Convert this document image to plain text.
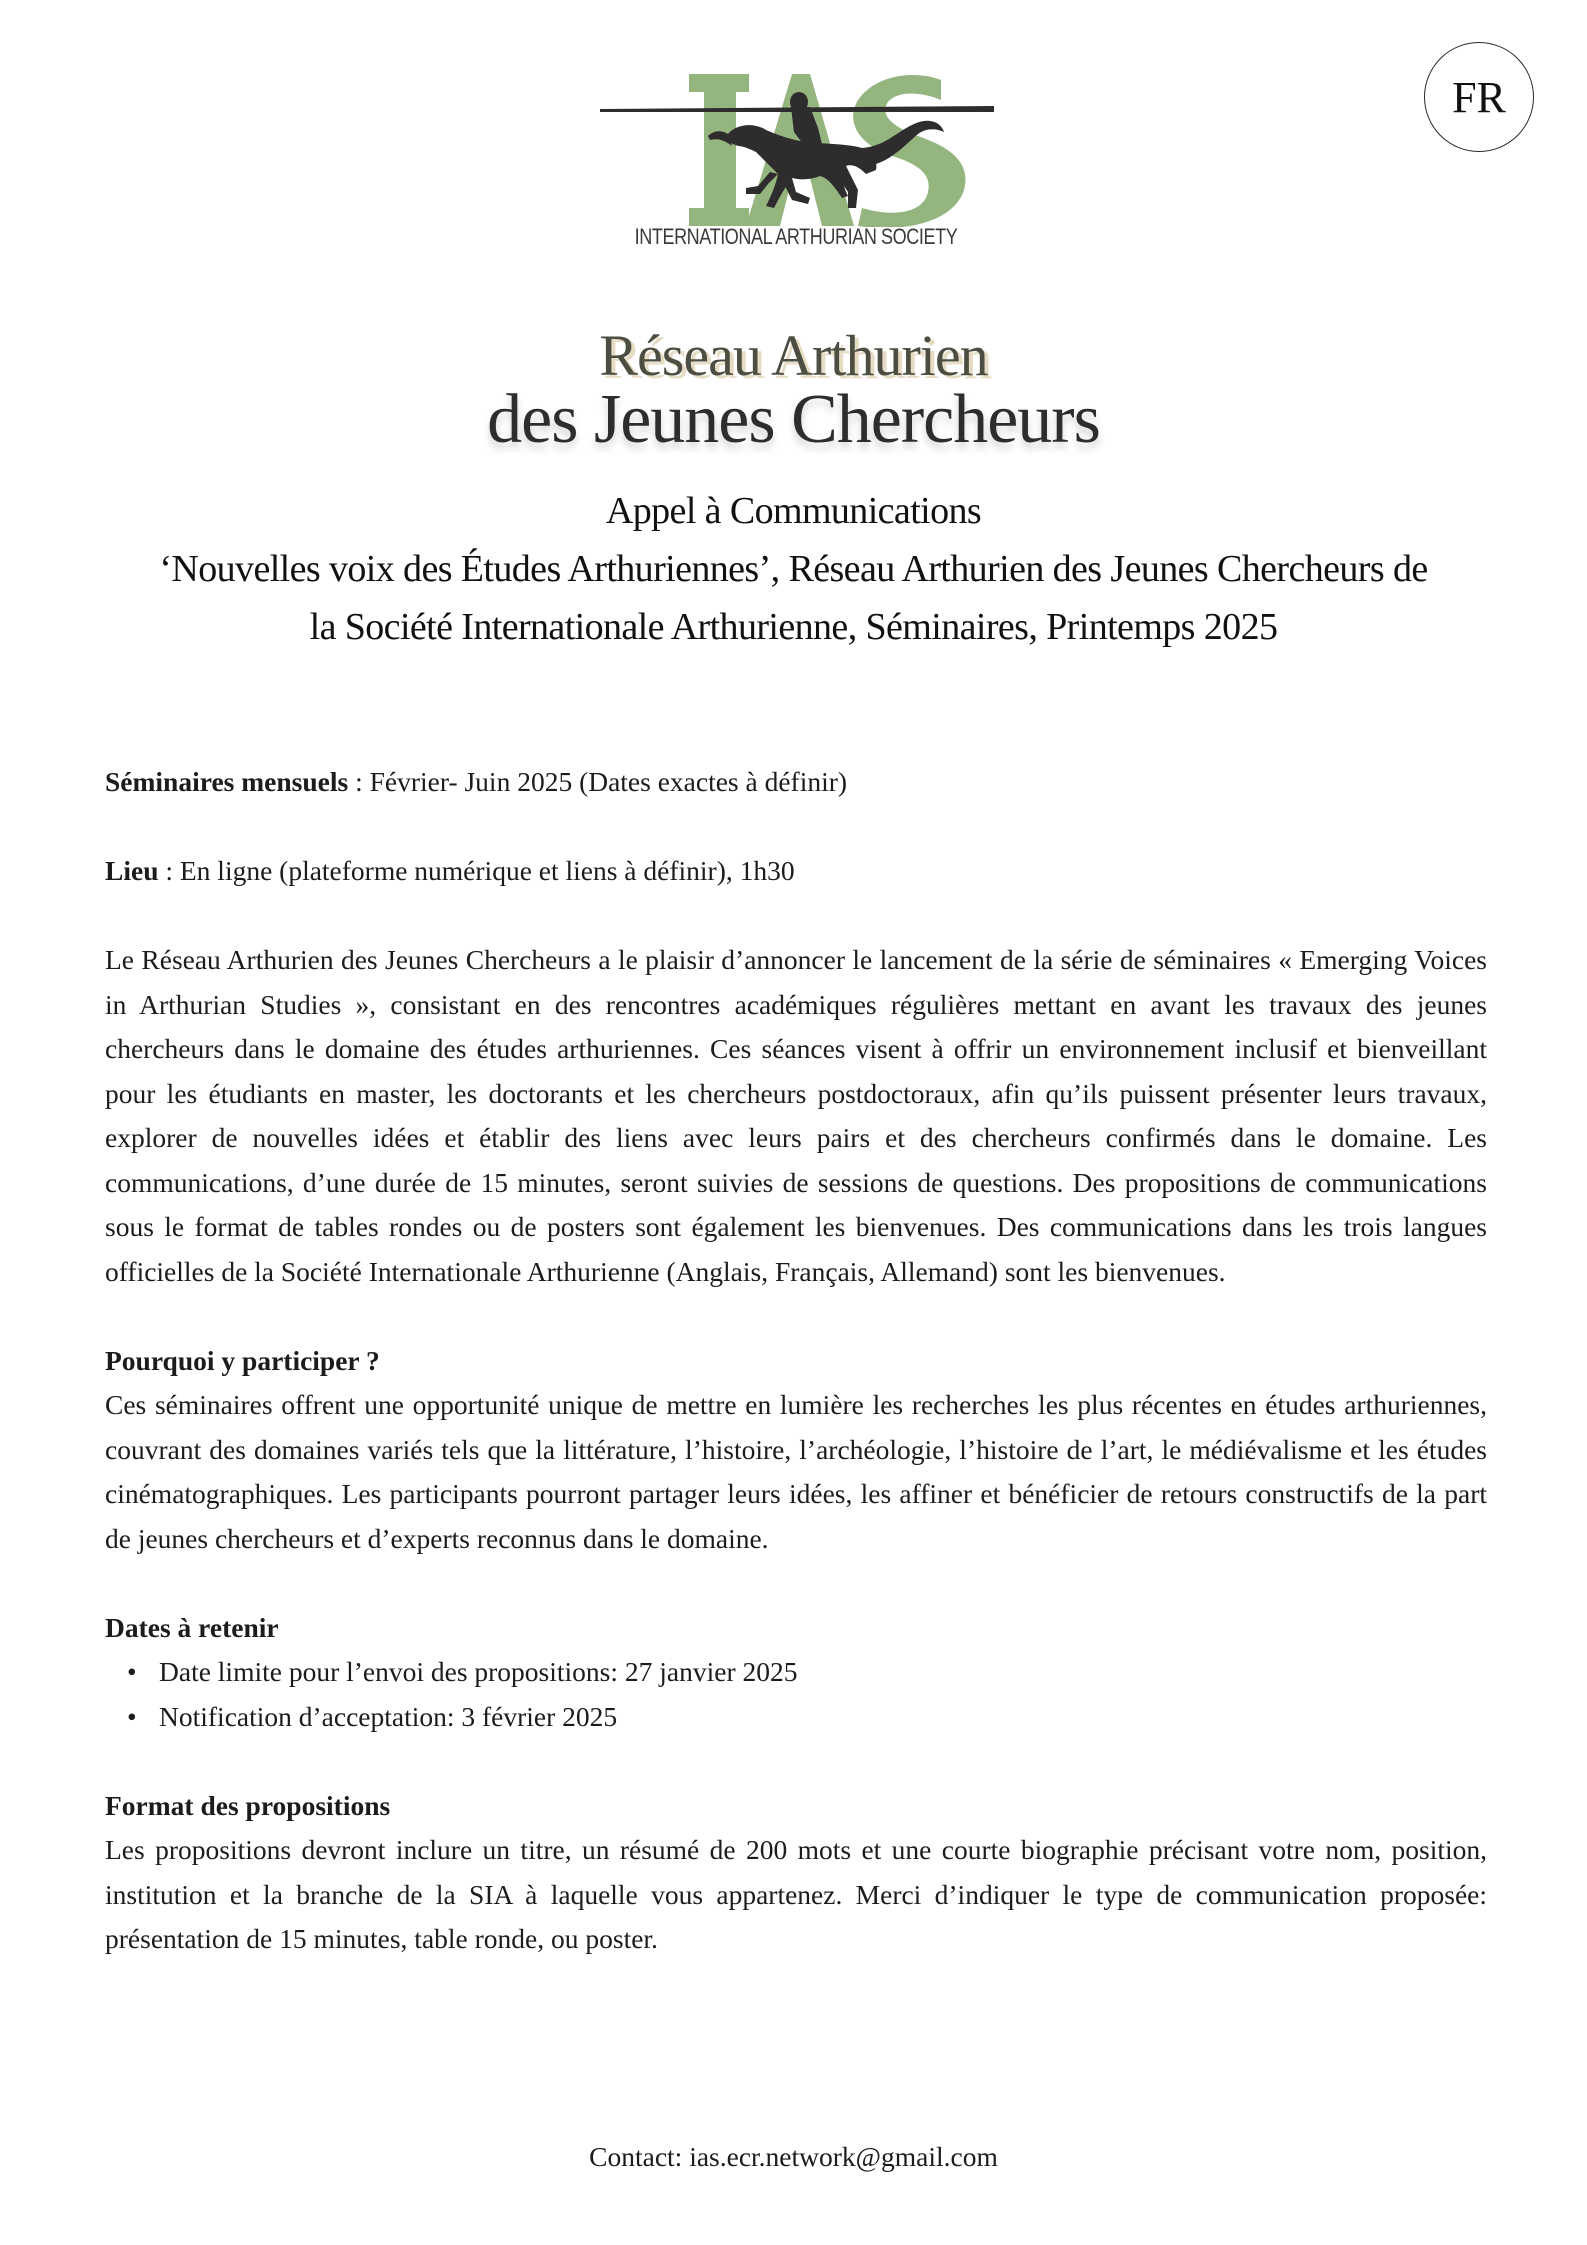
INTERNATIONAL ARTHURIAN SOCIETY
FR
Réseau Arthurien
des Jeunes Chercheurs
Appel à Communications
‘Nouvelles voix des Études Arthuriennes’, Réseau Arthurien des Jeunes Chercheurs de
la Société Internationale Arthurienne, Séminaires, Printemps 2025

Séminaires mensuels : Février- Juin 2025 (Dates exactes à définir)

Lieu : En ligne (plateforme numérique et liens à définir), 1h30

Le Réseau Arthurien des Jeunes Chercheurs a le plaisir d’annoncer le lancement de la série de séminaires « Emerging Voices in Arthurian Studies », consistant en des rencontres académiques régulières mettant en avant les travaux des jeunes chercheurs dans le domaine des études arthuriennes. Ces séances visent à offrir un environnement inclusif et bienveillant pour les étudiants en master, les doctorants et les chercheurs postdoctoraux, afin qu’ils puissent présenter leurs travaux, explorer de nouvelles idées et établir des liens avec leurs pairs et des chercheurs confirmés dans le domaine. Les communications, d’une durée de 15 minutes, seront suivies de sessions de questions. Des propositions de communications sous le format de tables rondes ou de posters sont également les bienvenues. Des communications dans les trois langues officielles de la Société Internationale Arthurienne (Anglais, Français, Allemand) sont les bienvenues.

Pourquoi y participer ?

Ces séminaires offrent une opportunité unique de mettre en lumière les recherches les plus récentes en études arthuriennes, couvrant des domaines variés tels que la littérature, l’histoire, l’archéologie, l’histoire de l’art, le médiévalisme et les études cinématographiques. Les participants pourront partager leurs idées, les affiner et bénéficier de retours constructifs de la part de jeunes chercheurs et d’experts reconnus dans le domaine.

Dates à retenir

• Date limite pour l’envoi des propositions: 27 janvier 2025
• Notification d’acceptation: 3 février 2025

Format des propositions

Les propositions devront inclure un titre, un résumé de 200 mots et une courte biographie précisant votre nom, position, institution et la branche de la SIA à laquelle vous appartenez. Merci d’indiquer le type de communication proposée: présentation de 15 minutes, table ronde, ou poster.

Contact: ias.ecr.network@gmail.com
